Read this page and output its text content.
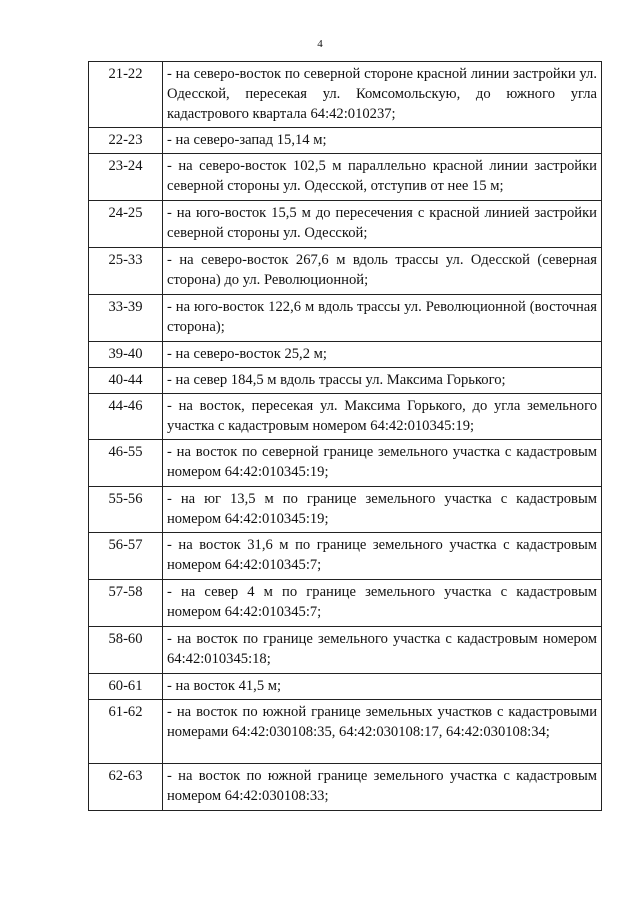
4
21-22	- на северо-восток по северной стороне красной линии застройки ул. Одесской, пересекая ул. Комсомольскую, до южного угла кадастрового квартала 64:42:010237;
22-23	- на северо-запад 15,14 м;
23-24	- на северо-восток 102,5 м параллельно красной линии застройки северной стороны ул. Одесской, отступив от нее 15 м;
24-25	- на юго-восток 15,5 м до пересечения с красной линией застройки северной стороны ул. Одесской;
25-33	- на северо-восток 267,6 м вдоль трассы ул. Одесской (северная сторона) до ул. Революционной;
33-39	- на юго-восток 122,6 м вдоль трассы ул. Революционной (восточная сторона);
39-40	- на северо-восток 25,2 м;
40-44	- на север 184,5 м вдоль трассы ул. Максима Горького;
44-46	- на восток, пересекая ул. Максима Горького, до угла земельного участка с кадастровым номером 64:42:010345:19;
46-55	- на восток по северной границе земельного участка с кадастровым номером 64:42:010345:19;
55-56	- на юг 13,5 м по границе земельного участка с кадастровым номером 64:42:010345:19;
56-57	- на восток 31,6 м по границе земельного участка с кадастровым номером 64:42:010345:7;
57-58	- на север 4 м по границе земельного участка с кадастровым номером 64:42:010345:7;
58-60	- на восток по границе земельного участка с кадастровым номером 64:42:010345:18;
60-61	- на восток 41,5 м;
61-62	- на восток по южной границе земельных участков с кадастровыми номерами 64:42:030108:35, 64:42:030108:17, 64:42:030108:34;
62-63	- на восток по южной границе земельного участка с кадастровым номером 64:42:030108:33;
